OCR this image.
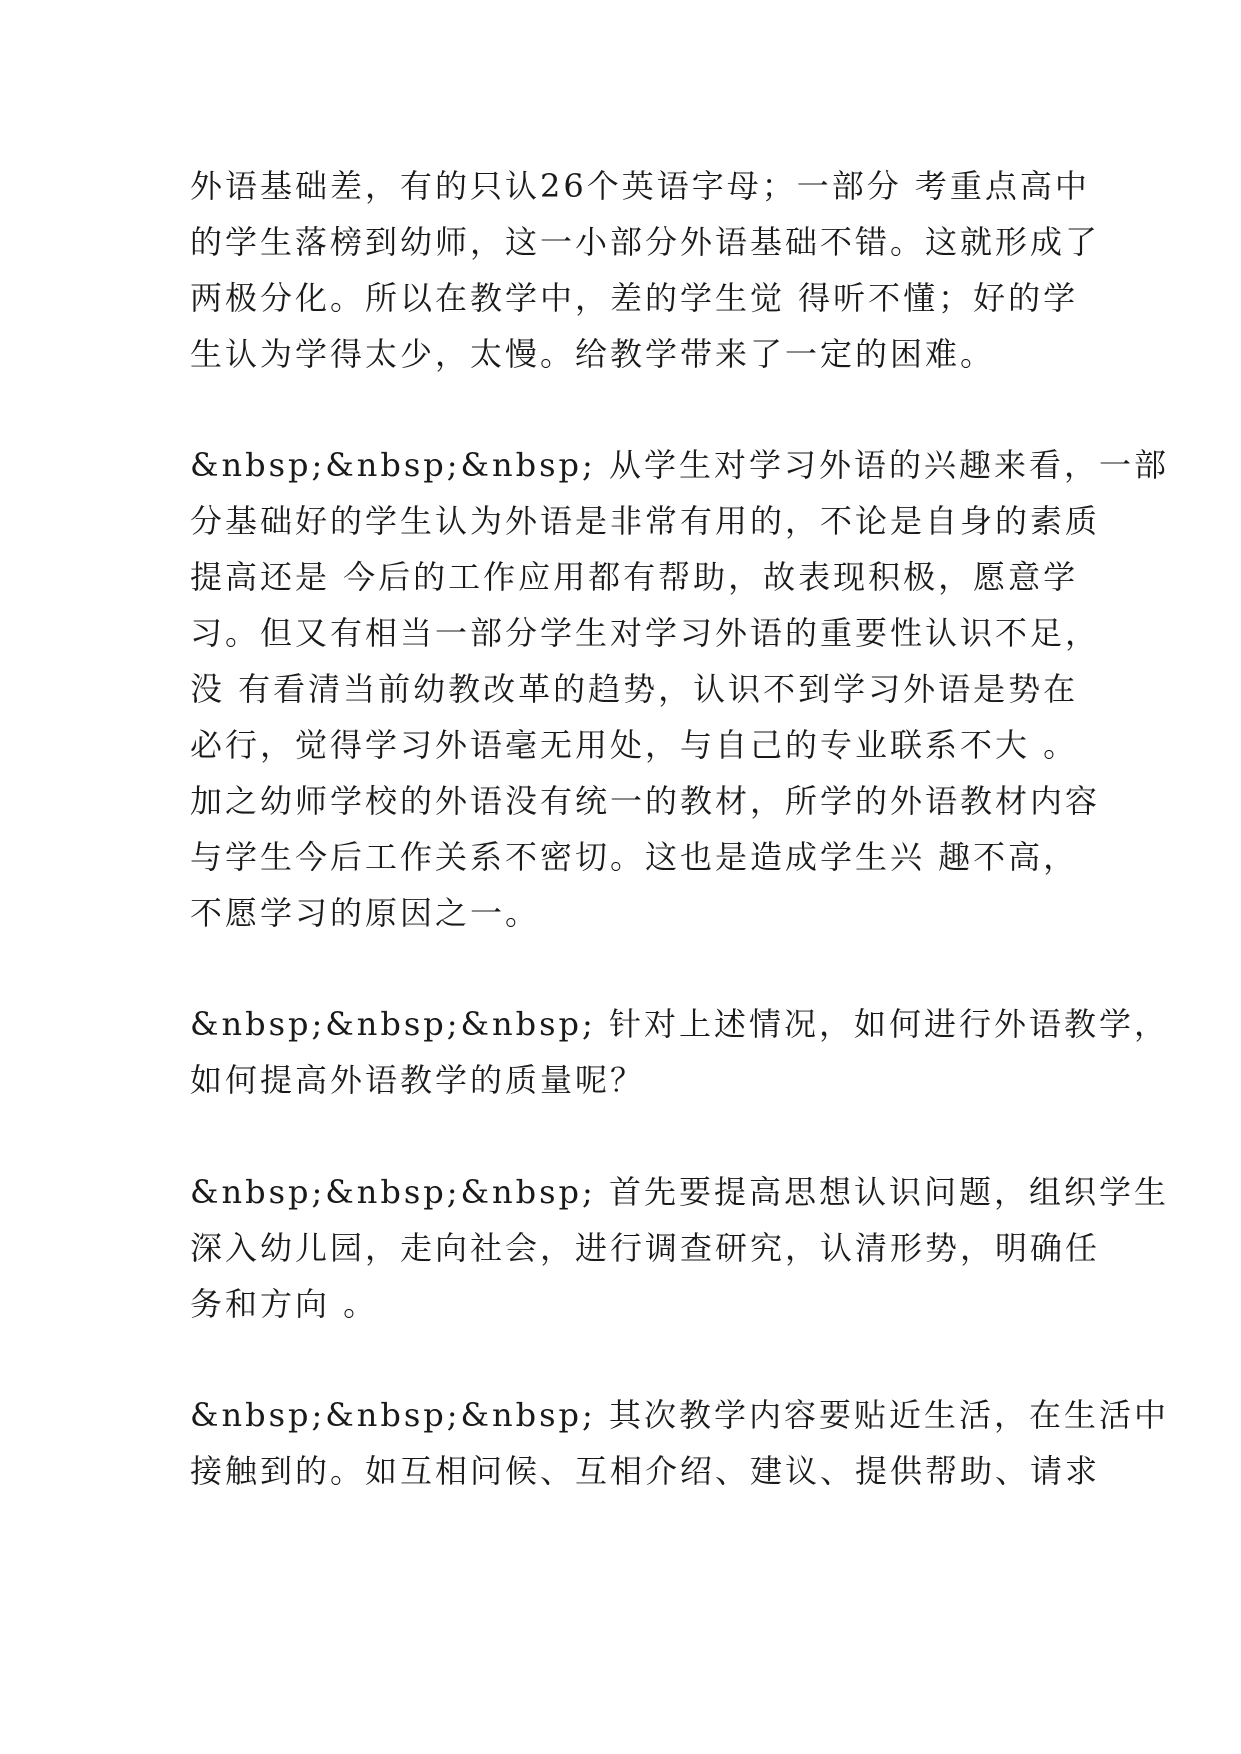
外语基础差，有的只认26个英语字母；一部分 考重点高中
的学生落榜到幼师，这一小部分外语基础不错。这就形成了
两极分化。所以在教学中，差的学生觉 得听不懂；好的学
生认为学得太少，太慢。给教学带来了一定的困难。
&nbsp;&nbsp;&nbsp; 从学生对学习外语的兴趣来看，一部
分基础好的学生认为外语是非常有用的，不论是自身的素质
提高还是 今后的工作应用都有帮助，故表现积极，愿意学
习。但又有相当一部分学生对学习外语的重要性认识不足，
没 有看清当前幼教改革的趋势，认识不到学习外语是势在
必行，觉得学习外语毫无用处，与自己的专业联系不大 。
加之幼师学校的外语没有统一的教材，所学的外语教材内容
与学生今后工作关系不密切。这也是造成学生兴 趣不高，
不愿学习的原因之一。
&nbsp;&nbsp;&nbsp; 针对上述情况，如何进行外语教学，
如何提高外语教学的质量呢？
&nbsp;&nbsp;&nbsp; 首先要提高思想认识问题，组织学生
深入幼儿园，走向社会，进行调查研究，认清形势，明确任
务和方向 。
&nbsp;&nbsp;&nbsp; 其次教学内容要贴近生活，在生活中
接触到的。如互相问候、互相介绍、建议、提供帮助、请求
